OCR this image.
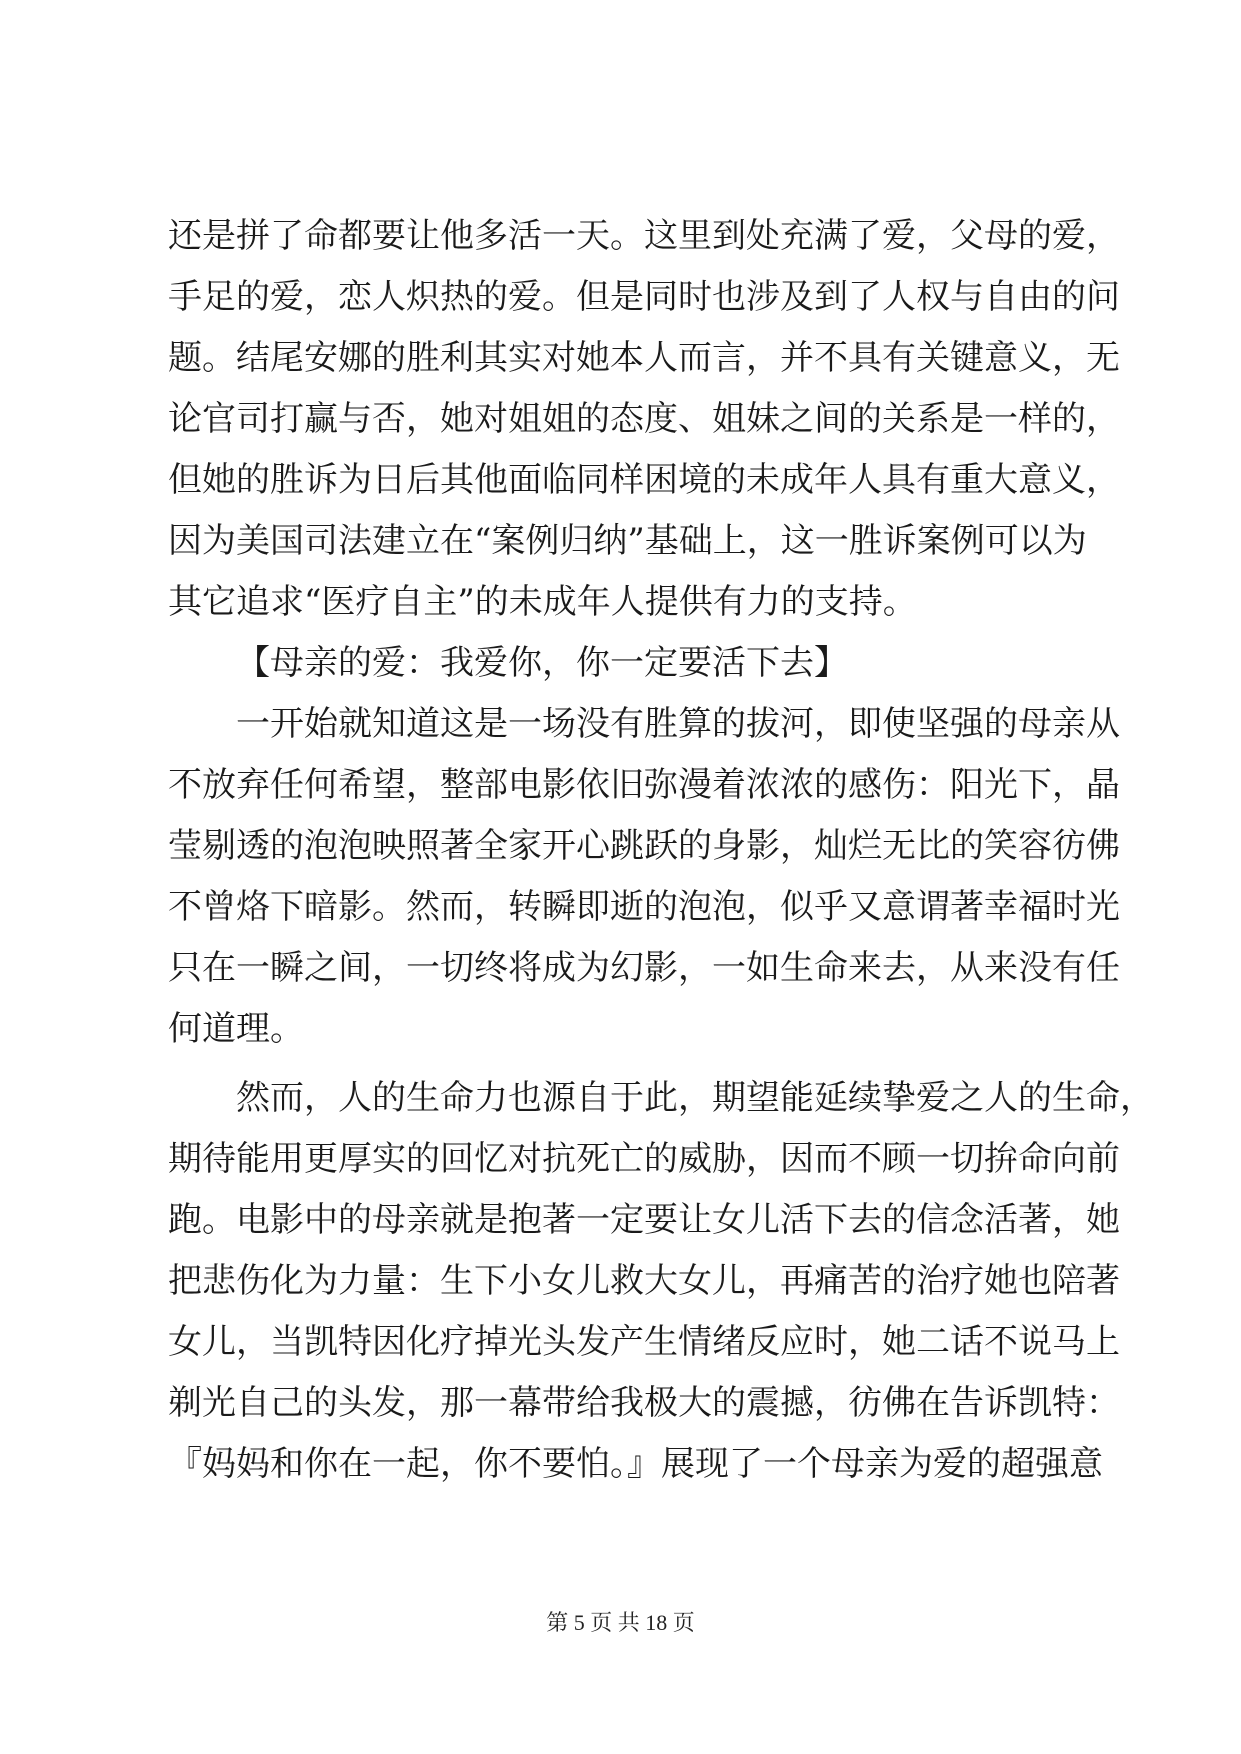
还是拼了命都要让他多活一天。这里到处充满了爱，父母的爱，
手足的爱，恋人炽热的爱。但是同时也涉及到了人权与自由的问
题。结尾安娜的胜利其实对她本人而言，并不具有关键意义，无
论官司打赢与否，她对姐姐的态度、姐妹之间的关系是一样的，
但她的胜诉为日后其他面临同样困境的未成年人具有重大意义，
因为美国司法建立在“案例归纳”基础上，这一胜诉案例可以为
其它追求“医疗自主”的未成年人提供有力的支持。
【母亲的爱：我爱你，你一定要活下去】
一开始就知道这是一场没有胜算的拔河，即使坚强的母亲从
不放弃任何希望，整部电影依旧弥漫着浓浓的感伤：阳光下，晶
莹剔透的泡泡映照著全家开心跳跃的身影，灿烂无比的笑容彷佛
不曾烙下暗影。然而，转瞬即逝的泡泡，似乎又意谓著幸福时光
只在一瞬之间，一切终将成为幻影，一如生命来去，从来没有任
何道理。
然而，人的生命力也源自于此，期望能延续挚爱之人的生命，
期待能用更厚实的回忆对抗死亡的威胁，因而不顾一切拚命向前
跑。电影中的母亲就是抱著一定要让女儿活下去的信念活著，她
把悲伤化为力量：生下小女儿救大女儿，再痛苦的治疗她也陪著
女儿，当凯特因化疗掉光头发产生情绪反应时，她二话不说马上
剃光自己的头发，那一幕带给我极大的震撼，彷佛在告诉凯特：
『妈妈和你在一起，你不要怕。』展现了一个母亲为爱的超强意
第 5 页 共 18 页
